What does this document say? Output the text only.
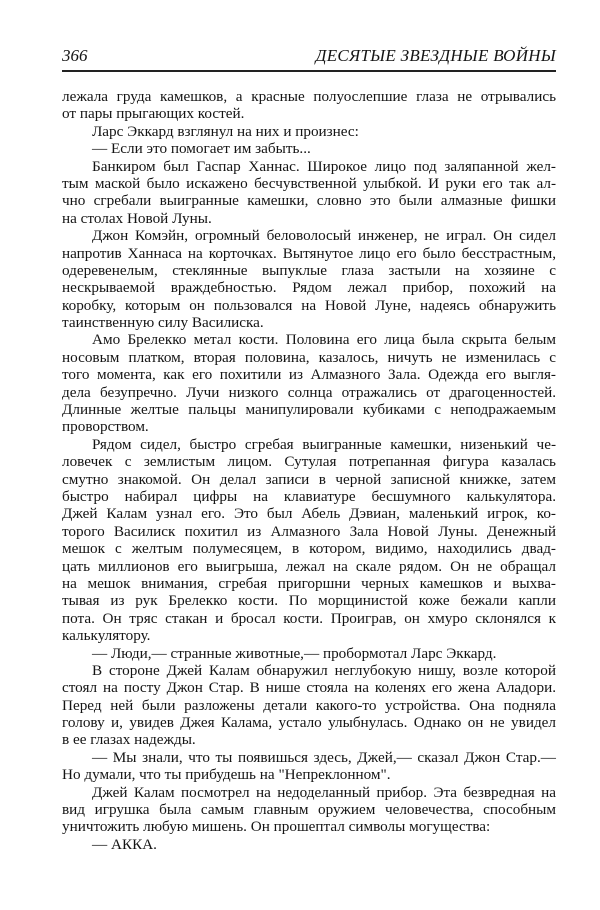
366	ДЕСЯТЫЕ ЗВЕЗДНЫЕ ВОЙНЫ
лежала груда камешков, а красные полуослепшие глаза не отрывались
от пары прыгающих костей.
Ларс Эккард взглянул на них и произнес:
— Если это помогает им забыть...
Банкиром был Гаспар Ханнас. Широкое лицо под заляпанной жел-
тым маской было искажено бесчувственной улыбкой. И руки его так ал-
чно сгребали выигранные камешки, словно это были алмазные фишки
на столах Новой Луны.
Джон Комэйн, огромный беловолосый инженер, не играл. Он сидел
напротив Ханнаса на корточках. Вытянутое лицо его было бесстрастным,
одеревенелым, стеклянные выпуклые глаза застыли на хозяине с
нескрываемой враждебностью. Рядом лежал прибор, похожий на
коробку, которым он пользовался на Новой Луне, надеясь обнаружить
таинственную силу Василиска.
Амо Брелекко метал кости. Половина его лица была скрыта белым
носовым платком, вторая половина, казалось, ничуть не изменилась с
того момента, как его похитили из Алмазного Зала. Одежда его выгля-
дела безупречно. Лучи низкого солнца отражались от драгоценностей.
Длинные желтые пальцы манипулировали кубиками с неподражаемым
проворством.
Рядом сидел, быстро сгребая выигранные камешки, низенький че-
ловечек с землистым лицом. Сутулая потрепанная фигура казалась
смутно знакомой. Он делал записи в черной записной книжке, затем
быстро набирал цифры на клавиатуре бесшумного калькулятора.
Джей Калам узнал его. Это был Абель Дэвиан, маленький игрок, ко-
торого Василиск похитил из Алмазного Зала Новой Луны. Денежный
мешок с желтым полумесяцем, в котором, видимо, находились двад-
цать миллионов его выигрыша, лежал на скале рядом. Он не обращал
на мешок внимания, сгребая пригоршни черных камешков и выхва-
тывая из рук Брелекко кости. По морщинистой коже бежали капли
пота. Он тряс стакан и бросал кости. Проиграв, он хмуро склонялся к
калькулятору.
— Люди,— странные животные,— пробормотал Ларс Эккард.
В стороне Джей Калам обнаружил неглубокую нишу, возле которой
стоял на посту Джон Стар. В нише стояла на коленях его жена Аладори.
Перед ней были разложены детали какого-то устройства. Она подняла
голову и, увидев Джея Калама, устало улыбнулась. Однако он не увидел
в ее глазах надежды.
— Мы знали, что ты появишься здесь, Джей,— сказал Джон Стар.—
Но думали, что ты прибудешь на "Непреклонном".
Джей Калам посмотрел на недоделанный прибор. Эта безвредная на
вид игрушка была самым главным оружием человечества, способным
уничтожить любую мишень. Он прошептал символы могущества:
— АККА.
